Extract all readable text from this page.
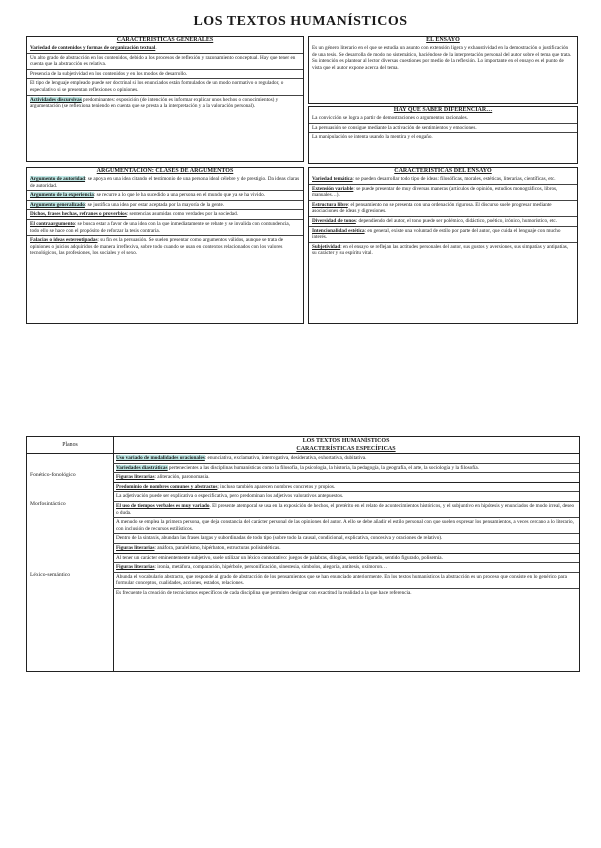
LOS TEXTOS HUMANÍSTICOS
CARACTERÍSTICAS GENERALES
Variedad de contenidos y formas de organización textual.
Un alto grado de abstracción en los contenidos, debido a los procesos de reflexión y razonamiento conceptual. Hay que tener en cuenta que la abstracción es relativa.
Presencia de la subjetividad en los contenidos y en los modos de desarrollo.
El tipo de lenguaje empleado puede ser doctrinal si los enunciados están formulados de un modo normativo o regulador, o especulativo si se presentan reflexiones o opiniones.
Actividades discursivas predominantes: exposición (de intención es informar explicar unos hechos o conocimientos) y argumentación (se reflexiona teniendo en cuenta que se presta a la interpretación y a la valoración personal).
ARGUMENTACIÓN: CLASES DE ARGUMENTOS
Argumento de autoridad: se apoya en una idea citando el testimonio de una persona ideal célebre y de prestigio. Da ideas claras de autoridad.
Argumento de la experiencia: se recurre a lo que le ha sucedido a una persona en el mundo que ya se ha vivido.
Argumento generalizado: se justifica una idea por estar aceptada por la mayoría de la gente.
Dichos, frases hechas, refranes o proverbios: sentencias asumidas como verdades por la sociedad.
El contraargumento: se busca estar a favor de una idea con la que inmediatamente se rebate y se invalida con contundencia, todo ello se hace con el propósito de reforzar la tesis contraria.
Falacias o ideas estereotipadas: su fin es la persuasión. Se suelen presentar como argumentos válidos, aunque se trata de opiniones o juicios adquiridos de manera irreflexiva, sobre todo cuando se usan en contextos relacionados con los valores tecnológicos, las profesiones, los sociales y el sexo.
EL ENSAYO
Es un género literario en el que se estudia un asunto con extensión ligera y exhaustividad en la demostración o justificación de una tesis. Se desarrolla de modo no sistemático, haciéndose de la interpretación personal del autor sobre el tema que trata. Su intención es plantear al lector diversas cuestiones por medio de la reflexión. Lo importante en el ensayo es el punto de vista que el autor expone acerca del tema.
HAY QUE SABER DIFERENCIAR…
La convicción se logra a partir de demostraciones o argumentos racionales.
La persuasión se consigue mediante la activación de sentimientos y emociones.
La manipulación se intenta usando la mentira y el engaño.
CARACTERÍSTICAS DEL ENSAYO
Variedad temática: se pueden desarrollar todo tipo de ideas: filosóficas, morales, estéticas, literarias, científicas, etc.
Extensión variable: se puede presentar de muy diversas maneras (artículos de opinión, estudios monográficos, libros, manuales…).
Estructura libre: el pensamiento no se presenta con una ordenación rigurosa. El discurso suele progresar mediante asociaciones de ideas y digresiones.
Diversidad de tonos: dependiendo del autor, el tono puede ser polémico, didáctico, poético, irónico, humorístico, etc.
Intencionalidad estética: en general, existe una voluntad de estilo por parte del autor, que cuida el lenguaje con mucho interés.
Subjetividad: en el ensayo se reflejan las actitudes personales del autor, sus gustos y aversiones, sus simpatías y antipatías, su carácter y su espíritu vital.
Planos
Fonético-fonológico
Morfosintáctico
Léxico-semántico
LOS TEXTOS HUMANÍSTICOS
CARACTERÍSTICAS ESPECÍFICAS
Uso variado de modalidades oracionales: enunciativa, exclamativa, interrogativa, desiderativa, exhortativa, dubitativa.
Variedades diastráticas pertenecientes a las disciplinas humanísticas como la filosofía, la psicología, la historia, la pedagogía, la geografía, el arte, la sociología y la filosofía.
Figuras literarias: aliteración, paronomasia.
Predominio de nombres comunes y abstractos; incluso también aparecen nombres concretos y propios.
La adjetivación puede ser explicativa o especificativa, pero predominan los adjetivos valorativos antepuestos.
El uso de tiempos verbales es muy variado. El presente atemporal se usa en la exposición de hechos, el pretérito en el relato de acontecimientos históricos, y el subjuntivo en hipótesis y enunciados de modo irreal, deseo o duda.
A menudo se emplea la primera persona, que deja constancia del carácter personal de las opiniones del autor. A ello se debe añadir el estilo personal con que suelen expresar los pensamientos, a veces cercano a lo literario, con inclusión de recursos estilísticos.
Dentro de la sintaxis, abundan las frases largas y subordinadas de todo tipo (sobre todo la causal, condicional, explicativa, concesiva y oraciones de relativo).
Figuras literarias: anáfora, paralelismo, hipérbaton, estructuras polisindéticas.
Al tener un carácter eminentemente subjetivo, suele utilizar un léxico connotativo: juegos de palabras, dilogías, sentido figurado, sentido figurado, polisemia.
Figuras literarias: ironía, metáfora, comparación, hipérbole, personificación, sinestesia, símbolos, alegoría, antítesis, oxímoron…
Abunda el vocabulario abstracto, que responde al grado de abstracción de los pensamientos que se han enunciado anteriormente. En los textos humanísticos la abstracción es un proceso que consiste en lo genérico para formular conceptos, cualidades, acciones, estados, relaciones.
Es frecuente la creación de tecnicismos específicos de cada disciplina que permiten designar con exactitud la realidad a la que hace referencia.
